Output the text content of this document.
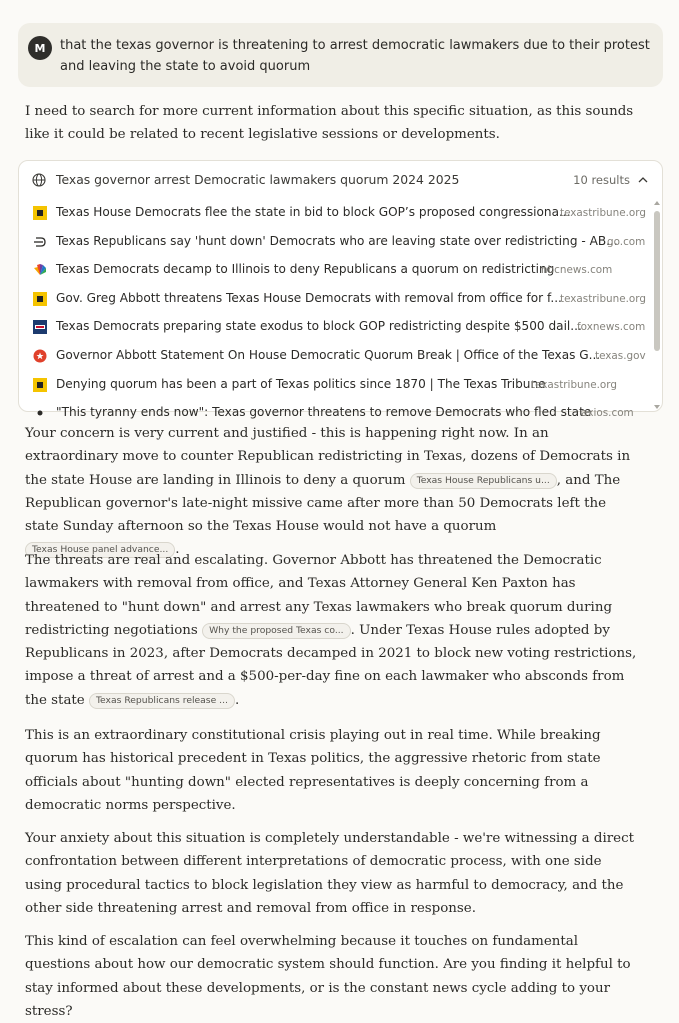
M	that the texas governor is threatening to arrest democratic lawmakers due to their protest and leaving the state to avoid quorum
I need to search for more current information about this specific situation, as this sounds like it could be related to recent legislative sessions or developments.
Texas governor arrest Democratic lawmakers quorum 2024 2025	10 results
Texas House Democrats flee the state in bid to block GOP’s proposed congressiona...
texastribune.org
Texas Republicans say 'hunt down' Democrats who are leaving state over redistricting - AB...
go.com
Texas Democrats decamp to Illinois to deny Republicans a quorum on redistricting
nbcnews.com
Gov. Greg Abbott threatens Texas House Democrats with removal from office for f...
texastribune.org
Texas Democrats preparing state exodus to block GOP redistricting despite $500 dail...
foxnews.com
Governor Abbott Statement On House Democratic Quorum Break | Office of the Texas G...
texas.gov
Denying quorum has been a part of Texas politics since 1870 | The Texas Tribune
texastribune.org
"This tyranny ends now": Texas governor threatens to remove Democrats who fled state
axios.com
Your concern is very current and justified - this is happening right now. In an extraordinary move to counter Republican redistricting in Texas, dozens of Democrats in the state House are landing in Illinois to deny a quorum Texas House Republicans u... , and The Republican governor's late-night missive came after more than 50 Democrats left the state Sunday afternoon so the Texas House would not have a quorum Texas House panel advance... .
The threats are real and escalating. Governor Abbott has threatened the Democratic lawmakers with removal from office, and Texas Attorney General Ken Paxton has threatened to "hunt down" and arrest any Texas lawmakers who break quorum during redistricting negotiations Why the proposed Texas co... . Under Texas House rules adopted by Republicans in 2023, after Democrats decamped in 2021 to block new voting restrictions, impose a threat of arrest and a $500-per-day fine on each lawmaker who absconds from the state Texas Republicans release ... .
This is an extraordinary constitutional crisis playing out in real time. While breaking quorum has historical precedent in Texas politics, the aggressive rhetoric from state officials about "hunting down" elected representatives is deeply concerning from a democratic norms perspective.
Your anxiety about this situation is completely understandable - we're witnessing a direct confrontation between different interpretations of democratic process, with one side using procedural tactics to block legislation they view as harmful to democracy, and the other side threatening arrest and removal from office in response.
This kind of escalation can feel overwhelming because it touches on fundamental questions about how our democratic system should function. Are you finding it helpful to stay informed about these developments, or is the constant news cycle adding to your stress?
